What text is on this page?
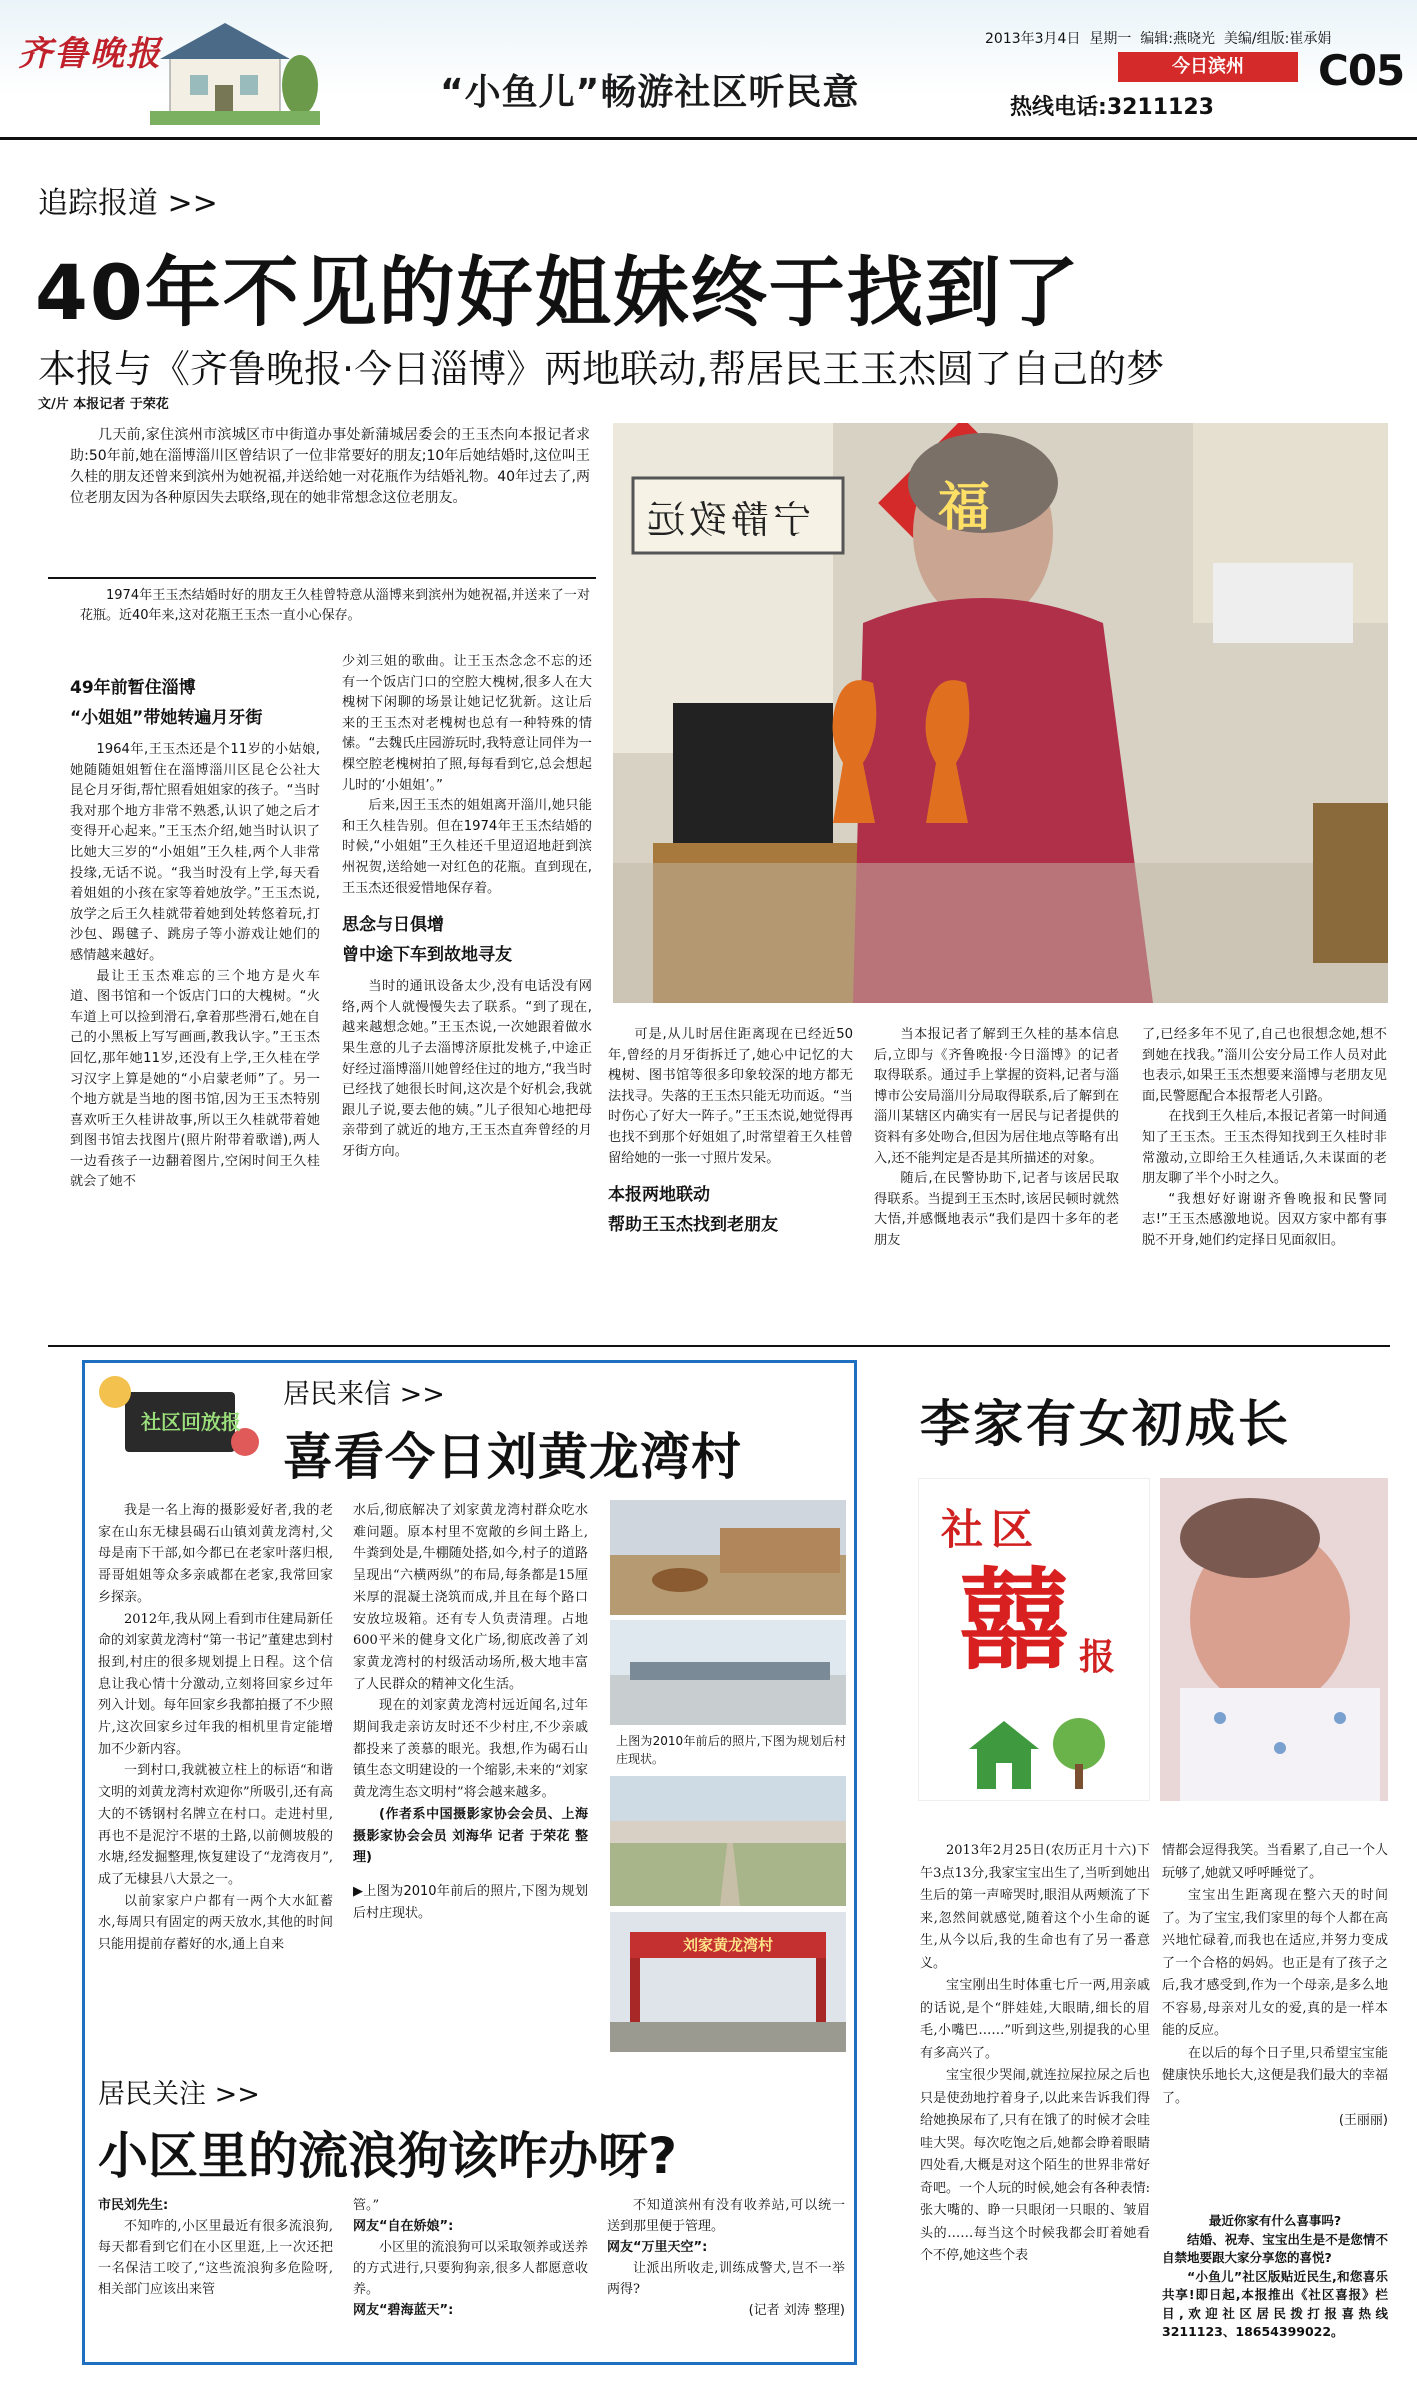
齐鲁晚报
“小鱼儿”畅游社区听民意	热线电话:3211123
2013年3月4日 星期一 编辑:燕晓光 美编/组版:崔承娟
今日滨州	C05
追踪报道 >>
40年不见的好姐妹终于找到了
本报与《齐鲁晚报·今日淄博》两地联动,帮居民王玉杰圆了自己的梦
文/片 本报记者 于荣花

几天前,家住滨州市滨城区市中街道办事处新蒲城居委会的王玉杰向本报记者求助:50年前,她在淄博淄川区曾结识了一位非常要好的朋友;10年后她结婚时,这位叫王久桂的朋友还曾来到滨州为她祝福,并送给她一对花瓶作为结婚礼物。40年过去了,两位老朋友因为各种原因失去联络,现在的她非常想念这位老朋友。

1974年王玉杰结婚时好的朋友王久桂曾特意从淄博来到滨州为她祝福,并送来了一对花瓶。近40年来,这对花瓶王玉杰一直小心保存。

宁静致远 福
49年前暂住淄博
“小姐姐”带她转遍月牙街

1964年,王玉杰还是个11岁的小姑娘,她随随姐姐暂住在淄博淄川区昆仑公社大昆仑月牙街,帮忙照看姐姐家的孩子。“当时我对那个地方非常不熟悉,认识了她之后才变得开心起来。”王玉杰介绍,她当时认识了比她大三岁的“小姐姐”王久桂,两个人非常投缘,无话不说。“我当时没有上学,每天看着姐姐的小孩在家等着她放学。”王玉杰说,放学之后王久桂就带着她到处转悠着玩,打沙包、踢毽子、跳房子等小游戏让她们的感情越来越好。

最让王玉杰难忘的三个地方是火车道、图书馆和一个饭店门口的大槐树。“火车道上可以捡到滑石,拿着那些滑石,她在自己的小黑板上写写画画,教我认字。”王玉杰回忆,那年她11岁,还没有上学,王久桂在学习汉字上算是她的“小启蒙老师”了。另一个地方就是当地的图书馆,因为王玉杰特别喜欢听王久桂讲故事,所以王久桂就带着她到图书馆去找图片(照片附带着歌谱),两人一边看孩子一边翻着图片,空闲时间王久桂就会了她不

少刘三姐的歌曲。让王玉杰念念不忘的还有一个饭店门口的空腔大槐树,很多人在大槐树下闲聊的场景让她记忆犹新。这让后来的王玉杰对老槐树也总有一种特殊的情愫。“去魏氏庄园游玩时,我特意让同伴为一棵空腔老槐树拍了照,每每看到它,总会想起儿时的‘小姐姐’。”

后来,因王玉杰的姐姐离开淄川,她只能和王久桂告别。但在1974年王玉杰结婚的时候,“小姐姐”王久桂还千里迢迢地赶到滨州祝贺,送给她一对红色的花瓶。直到现在,王玉杰还很爱惜地保存着。

思念与日俱增
曾中途下车到故地寻友

当时的通讯设备太少,没有电话没有网络,两个人就慢慢失去了联系。“到了现在,越来越想念她。”王玉杰说,一次她跟着做水果生意的儿子去淄博济原批发桃子,中途正好经过淄博淄川她曾经住过的地方,“我当时已经找了她很长时间,这次是个好机会,我就跟儿子说,要去他的姨。”儿子很知心地把母亲带到了就近的地方,王玉杰直奔曾经的月牙街方向。

可是,从儿时居住距离现在已经近50年,曾经的月牙街拆迁了,她心中记忆的大槐树、图书馆等很多印象较深的地方都无法找寻。失落的王玉杰只能无功而返。“当时伤心了好大一阵子。”王玉杰说,她觉得再也找不到那个好姐姐了,时常望着王久桂曾留给她的一张一寸照片发呆。

本报两地联动
帮助王玉杰找到老朋友

当本报记者了解到王久桂的基本信息后,立即与《齐鲁晚报·今日淄博》的记者取得联系。通过手上掌握的资料,记者与淄博市公安局淄川分局取得联系,后了解到在淄川某辖区内确实有一居民与记者提供的资料有多处吻合,但因为居住地点等略有出入,还不能判定是否是其所描述的对象。

随后,在民警协助下,记者与该居民取得联系。当提到王玉杰时,该居民顿时就然大悟,并感慨地表示“我们是四十多年的老朋友

了,已经多年不见了,自己也很想念她,想不到她在找我。”淄川公安分局工作人员对此也表示,如果王玉杰想要来淄博与老朋友见面,民警愿配合本报帮老人引路。

在找到王久桂后,本报记者第一时间通知了王玉杰。王玉杰得知找到王久桂时非常激动,立即给王久桂通话,久未谋面的老朋友聊了半个小时之久。

“我想好好谢谢齐鲁晚报和民警同志!”王玉杰感激地说。因双方家中都有事脱不开身,她们约定择日见面叙旧。

社区回放报
居民来信 >>
喜看今日刘黄龙湾村

我是一名上海的摄影爱好者,我的老家在山东无棣县碣石山镇刘黄龙湾村,父母是南下干部,如今都已在老家叶落归根,哥哥姐姐等众多亲戚都在老家,我常回家乡探亲。

2012年,我从网上看到市住建局新任命的刘家黄龙湾村“第一书记”董建忠到村报到,村庄的很多规划提上日程。这个信息让我心情十分激动,立刻将回家乡过年列入计划。每年回家乡我都拍摄了不少照片,这次回家乡过年我的相机里肯定能增加不少新内容。

一到村口,我就被立柱上的标语“和谐文明的刘黄龙湾村欢迎你”所吸引,还有高大的不锈钢村名牌立在村口。走进村里,再也不是泥泞不堪的土路,以前侧坡般的水塘,经发掘整理,恢复建设了“龙湾夜月”,成了无棣县八大景之一。

以前家家户户都有一两个大水缸蓄水,每周只有固定的两天放水,其他的时间只能用提前存蓄好的水,通上自来

水后,彻底解决了刘家黄龙湾村群众吃水难问题。原本村里不宽敞的乡间土路上,牛粪到处是,牛棚随处搭,如今,村子的道路呈现出“六横两纵”的布局,每条都是15厘米厚的混凝土浇筑而成,并且在每个路口安放垃圾箱。还有专人负责清理。占地600平米的健身文化广场,彻底改善了刘家黄龙湾村的村级活动场所,极大地丰富了人民群众的精神文化生活。

现在的刘家黄龙湾村远近闻名,过年期间我走亲访友时还不少村庄,不少亲戚都投来了羡慕的眼光。我想,作为碣石山镇生态文明建设的一个缩影,未来的“刘家黄龙湾生态文明村”将会越来越多。

(作者系中国摄影家协会会员、上海摄影家协会会员 刘海华 记者 于荣花 整理)

▶上图为2010年前后的照片,下图为规划后村庄现状。

上图为2010年前后的照片,下图为规划后村庄现状。

刘家黄龙湾村
居民关注 >>
小区里的流浪狗该咋办呀?

市民刘先生:

不知咋的,小区里最近有很多流浪狗,每天都看到它们在小区里逛,上一次还把一名保洁工咬了,“这些流浪狗多危险呀,相关部门应该出来管

管。”

网友“自在娇娘”:

小区里的流浪狗可以采取领养或送养的方式进行,只要狗狗亲,很多人都愿意收养。

网友“碧海蓝天”:

不知道滨州有没有收养站,可以统一送到那里便于管理。

网友“万里天空”:

让派出所收走,训练成警犬,岂不一举两得?

(记者 刘涛 整理)

李家有女初成长
社区
囍 报

2013年2月25日(农历正月十六)下午3点13分,我家宝宝出生了,当听到她出生后的第一声啼哭时,眼泪从两颊流了下来,忽然间就感觉,随着这个小生命的诞生,从今以后,我的生命也有了另一番意义。

宝宝刚出生时体重七斤一两,用亲戚的话说,是个“胖娃娃,大眼睛,细长的眉毛,小嘴巴……”听到这些,别提我的心里有多高兴了。

宝宝很少哭闹,就连拉屎拉尿之后也只是使劲地拧着身子,以此来告诉我们得给她换尿布了,只有在饿了的时候才会哇哇大哭。每次吃饱之后,她都会睁着眼睛四处看,大概是对这个陌生的世界非常好奇吧。一个人玩的时候,她会有各种表情:张大嘴的、睁一只眼闭一只眼的、皱眉头的……每当这个时候我都会盯着她看个不停,她这些个表

情都会逗得我笑。当看累了,自己一个人玩够了,她就又呼呼睡觉了。

宝宝出生距离现在整六天的时间了。为了宝宝,我们家里的每个人都在高兴地忙碌着,而我也在适应,并努力变成了一个合格的妈妈。也正是有了孩子之后,我才感受到,作为一个母亲,是多么地不容易,母亲对儿女的爱,真的是一样本能的反应。

在以后的每个日子里,只希望宝宝能健康快乐地长大,这便是我们最大的幸福了。

(王丽丽)

最近你家有什么喜事吗?

结婚、祝寿、宝宝出生是不是您情不自禁地要跟大家分享您的喜悦?

“小鱼儿”社区版贴近民生,和您喜乐共享!即日起,本报推出《社区喜报》栏目,欢迎社区居民拨打报喜热线3211123、18654399022。
